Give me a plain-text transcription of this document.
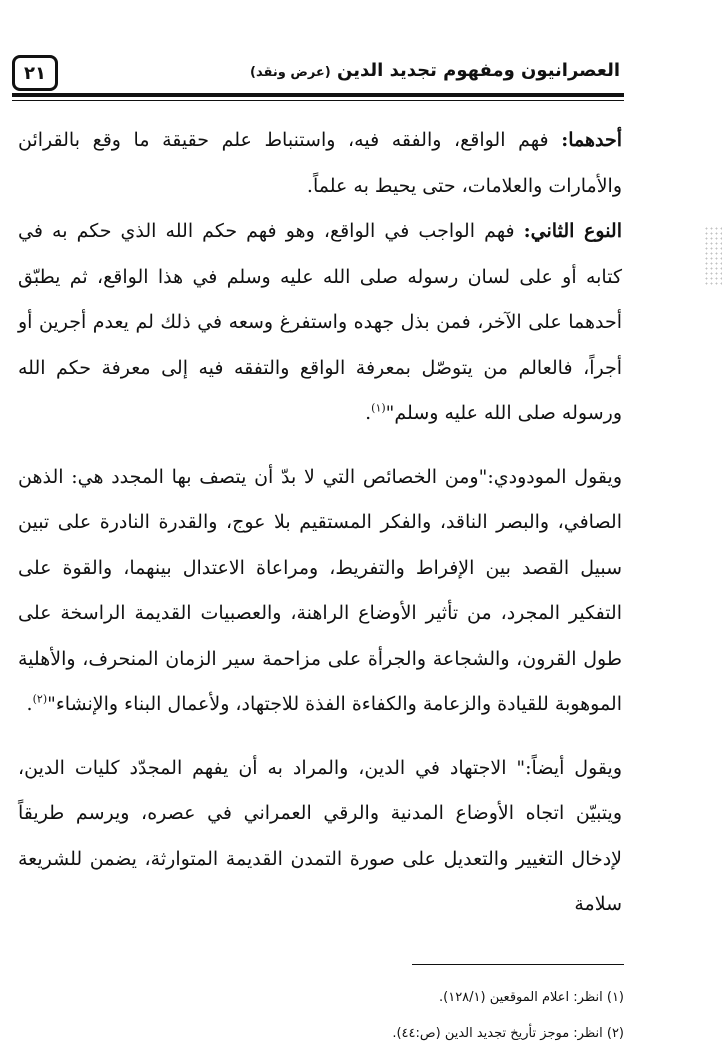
٢١	العصرانيون ومفهوم تجديد الدين (عرض ونقد)

أحدهما: فهم الواقع، والفقه فيه، واستنباط علم حقيقة ما وقع بالقرائن والأمارات والعلامات، حتى يحيط به علماً.

النوع الثاني: فهم الواجب في الواقع، وهو فهم حكم الله الذي حكم به في كتابه أو على لسان رسوله صلى الله عليه وسلم في هذا الواقع، ثم يطبّق أحدهما على الآخر، فمن بذل جهده واستفرغ وسعه في ذلك لم يعدم أجرين أو أجراً، فالعالم من يتوصّل بمعرفة الواقع والتفقه فيه إلى معرفة حكم الله ورسوله صلى الله عليه وسلم"$^{(١)}$.

ويقول المودودي:"ومن الخصائص التي لا بدّ أن يتصف بها المجدد هي: الذهن الصافي، والبصر الناقد، والفكر المستقيم بلا عوج، والقدرة النادرة على تبين سبيل القصد بين الإفراط والتفريط، ومراعاة الاعتدال بينهما، والقوة على التفكير المجرد، من تأثير الأوضاع الراهنة، والعصبيات القديمة الراسخة على طول القرون، والشجاعة والجرأة على مزاحمة سير الزمان المنحرف، والأهلية الموهوبة للقيادة والزعامة والكفاءة الفذة للاجتهاد، ولأعمال البناء والإنشاء"$^{(٢)}$.

ويقول أيضاً:" الاجتهاد في الدين، والمراد به أن يفهم المجدّد كليات الدين، ويتبيّن اتجاه الأوضاع المدنية والرقي العمراني في عصره، ويرسم طريقاً لإدخال التغيير والتعديل على صورة التمدن القديمة المتوارثة، يضمن للشريعة سلامة

(١) انظر: اعلام الموقعين (١٢٨/١).

(٢) انظر: موجز تأريخ تجديد الدين (ص:٤٤).
